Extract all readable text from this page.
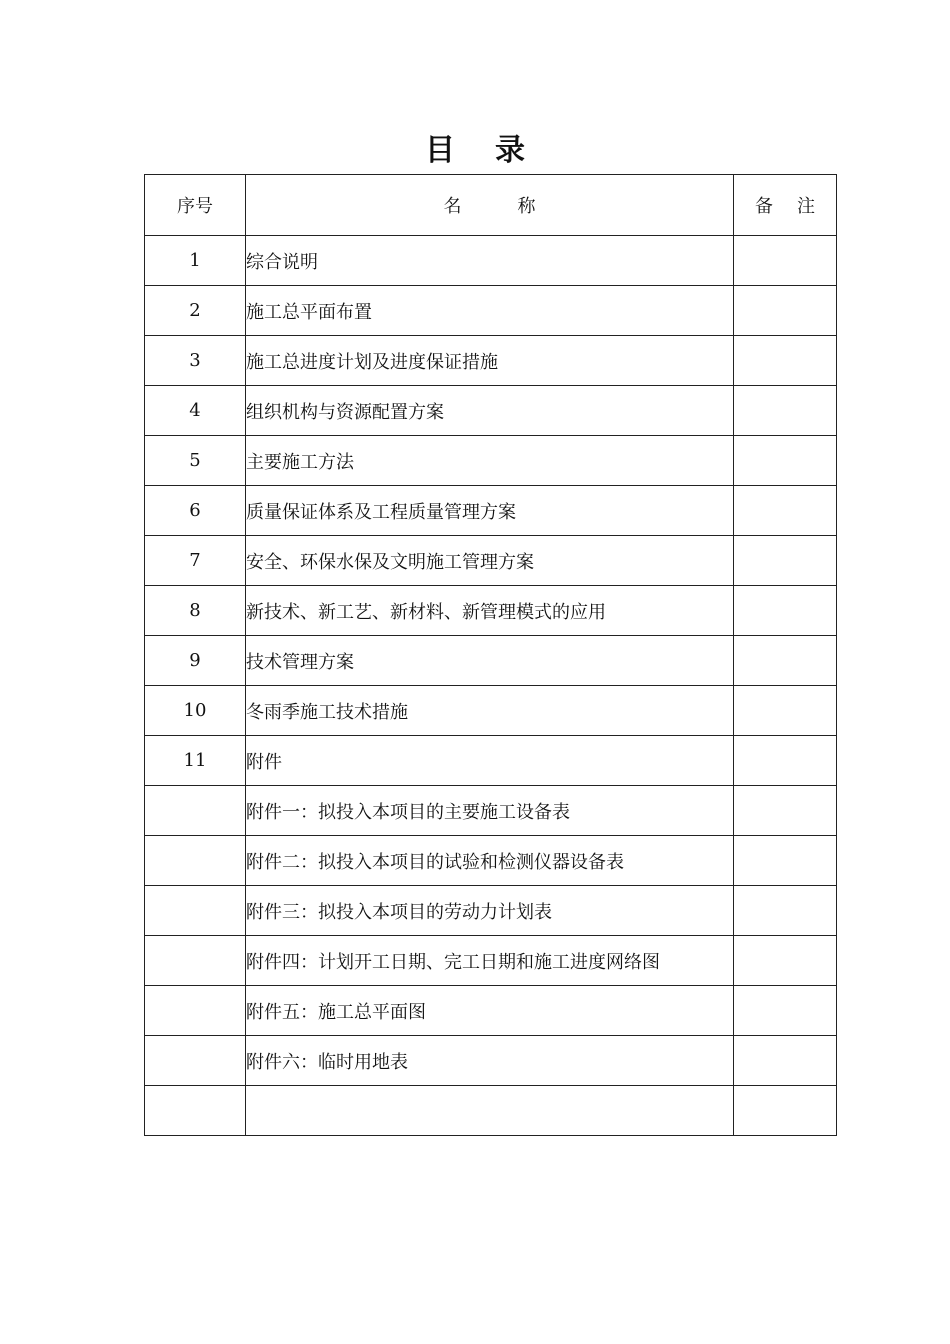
目 录
序号	名 称	备 注
1	综合说明	
2	施工总平面布置	
3	施工总进度计划及进度保证措施	
4	组织机构与资源配置方案	
5	主要施工方法	
6	质量保证体系及工程质量管理方案	
7	安全、环保水保及文明施工管理方案	
8	新技术、新工艺、新材料、新管理模式的应用	
9	技术管理方案	
10	冬雨季施工技术措施	
11	附件	
	附件一：拟投入本项目的主要施工设备表	
	附件二：拟投入本项目的试验和检测仪器设备表	
	附件三：拟投入本项目的劳动力计划表	
	附件四：计划开工日期、完工日期和施工进度网络图	
	附件五：施工总平面图	
	附件六：临时用地表	
